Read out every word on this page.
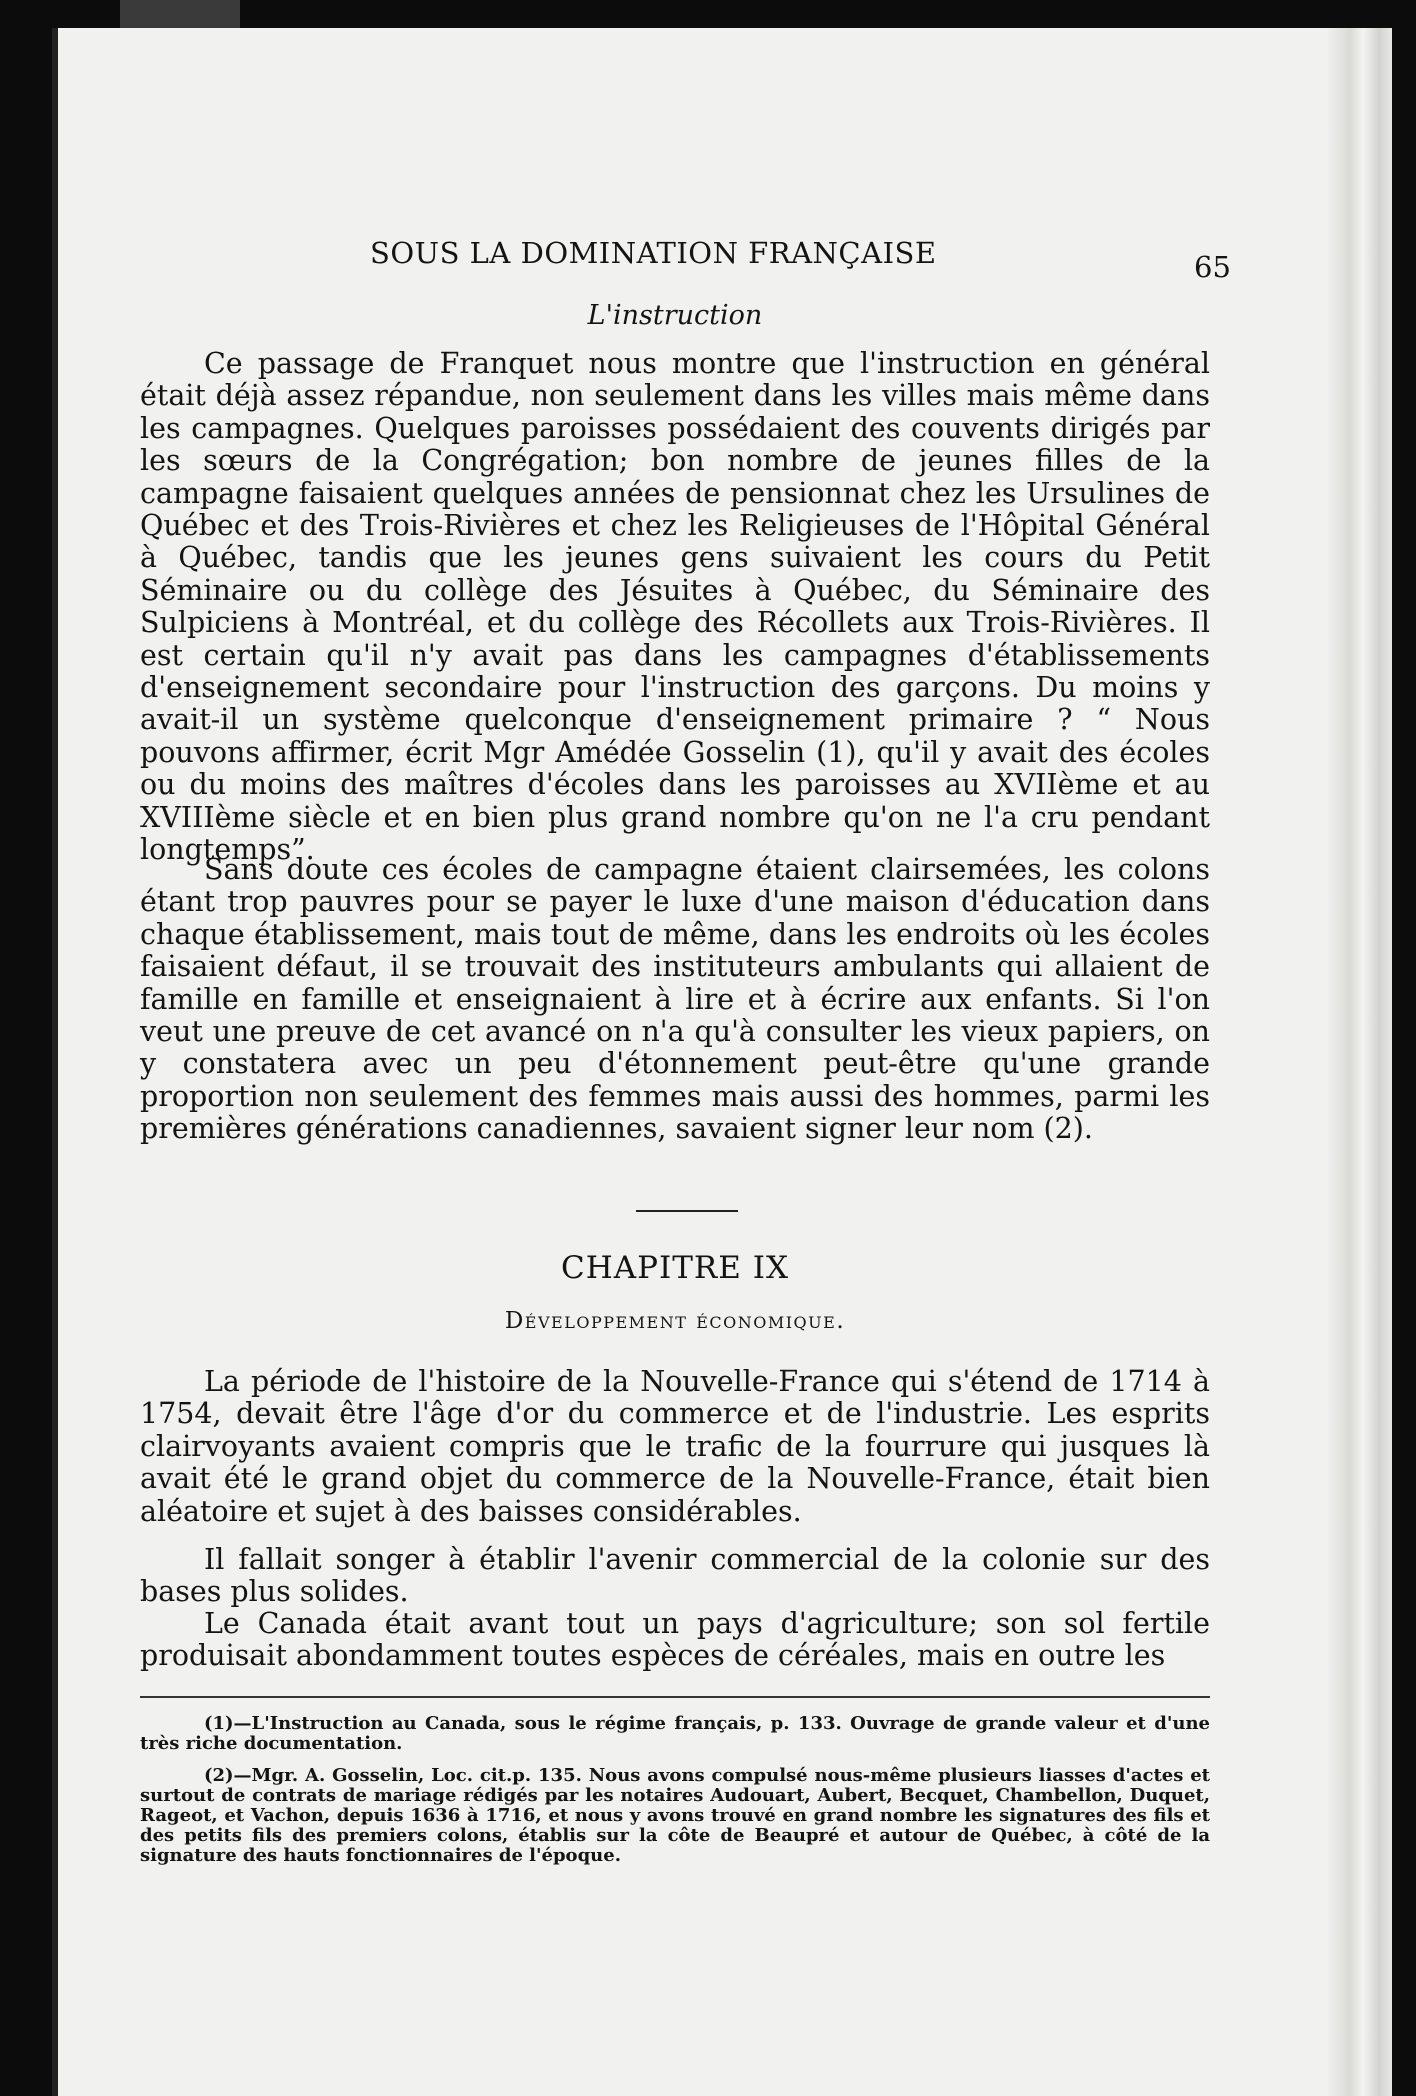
SOUS LA DOMINATION FRANÇAISE	65
L'instruction

Ce passage de Franquet nous montre que l'instruction en général était déjà assez répandue, non seulement dans les villes mais même dans les campagnes. Quelques paroisses possédaient des couvents dirigés par les sœurs de la Congrégation; bon nombre de jeunes filles de la campagne faisaient quelques années de pensionnat chez les Ursulines de Québec et des Trois-Rivières et chez les Religieuses de l'Hôpital Général à Québec, tandis que les jeunes gens suivaient les cours du Petit Séminaire ou du collège des Jésuites à Québec, du Séminaire des Sulpiciens à Montréal, et du collège des Récollets aux Trois-Rivières. Il est certain qu'il n'y avait pas dans les campagnes d'établissements d'enseignement secondaire pour l'instruction des garçons. Du moins y avait-il un système quelconque d'enseignement primaire ? “ Nous pouvons affirmer, écrit Mgr Amédée Gosselin (1), qu'il y avait des écoles ou du moins des maîtres d'écoles dans les paroisses au XVIIème et au XVIIIème siècle et en bien plus grand nombre qu'on ne l'a cru pendant longtemps”.

Sans doute ces écoles de campagne étaient clairsemées, les colons étant trop pauvres pour se payer le luxe d'une maison d'éducation dans chaque établissement, mais tout de même, dans les endroits où les écoles faisaient défaut, il se trouvait des instituteurs ambulants qui allaient de famille en famille et enseignaient à lire et à écrire aux enfants. Si l'on veut une preuve de cet avancé on n'a qu'à consulter les vieux papiers, on y constatera avec un peu d'étonnement peut-être qu'une grande proportion non seulement des femmes mais aussi des hommes, parmi les premières générations canadiennes, savaient signer leur nom (2).

CHAPITRE IX
Développement économique.

La période de l'histoire de la Nouvelle-France qui s'étend de 1714 à 1754, devait être l'âge d'or du commerce et de l'industrie. Les esprits clairvoyants avaient compris que le trafic de la fourrure qui jusques là avait été le grand objet du commerce de la Nouvelle-France, était bien aléatoire et sujet à des baisses considérables.

Il fallait songer à établir l'avenir commercial de la colonie sur des bases plus solides.

Le Canada était avant tout un pays d'agriculture; son sol fertile produisait abondamment toutes espèces de céréales, mais en outre les

(1)—L'Instruction au Canada, sous le régime français, p. 133. Ouvrage de grande valeur et d'une très riche documentation.

(2)—Mgr. A. Gosselin, Loc. cit.p. 135. Nous avons compulsé nous-même plusieurs liasses d'actes et surtout de contrats de mariage rédigés par les notaires Audouart, Aubert, Becquet, Chambellon, Duquet, Rageot, et Vachon, depuis 1636 à 1716, et nous y avons trouvé en grand nombre les signatures des fils et des petits fils des premiers colons, établis sur la côte de Beaupré et autour de Québec, à côté de la signature des hauts fonctionnaires de l'époque.
